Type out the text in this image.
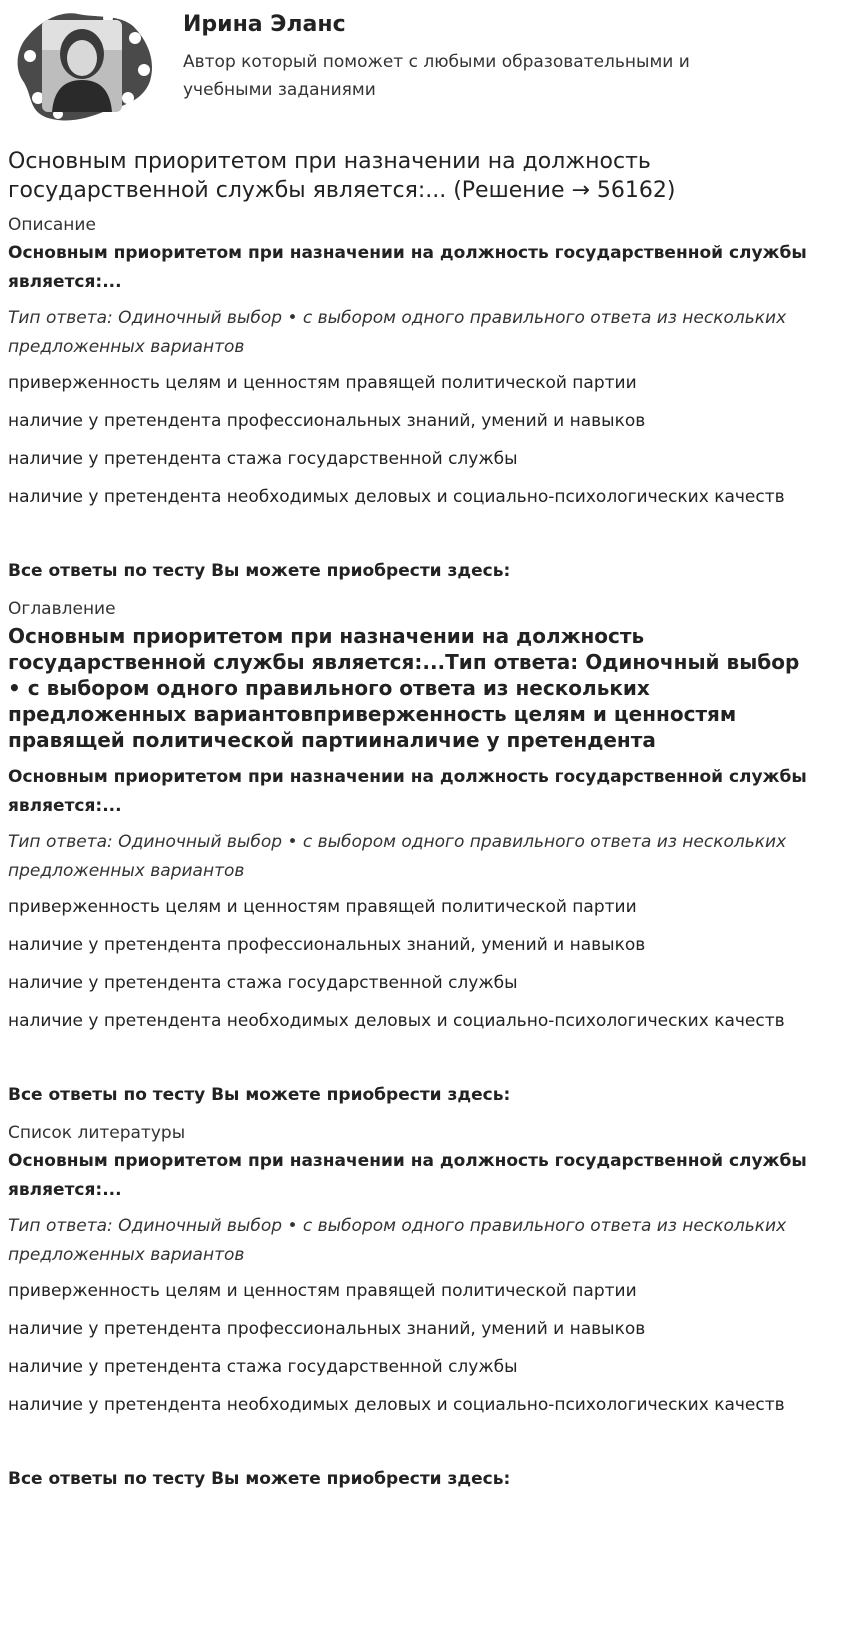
Ирина Эланс
Автор который поможет с любыми образовательными и учебными заданиями
Основным приоритетом при назначении на должность государственной службы является:... (Решение → 56162)
Описание
Основным приоритетом при назначении на должность государственной службы является:...
Тип ответа: Одиночный выбор • с выбором одного правильного ответа из нескольких предложенных вариантов
приверженность целям и ценностям правящей политической партии
наличие у претендента профессиональных знаний, умений и навыков
наличие у претендента стажа государственной службы
наличие у претендента необходимых деловых и социально-психологических качеств
Все ответы по тесту Вы можете приобрести здесь:
Оглавление
Основным приоритетом при назначении на должность государственной службы является:...Тип ответа: Одиночный выбор • с выбором одного правильного ответа из нескольких предложенных вариантовприверженность целям и ценностям правящей политической партииналичие у претендента
Основным приоритетом при назначении на должность государственной службы является:...
Тип ответа: Одиночный выбор • с выбором одного правильного ответа из нескольких предложенных вариантов
приверженность целям и ценностям правящей политической партии
наличие у претендента профессиональных знаний, умений и навыков
наличие у претендента стажа государственной службы
наличие у претендента необходимых деловых и социально-психологических качеств
Все ответы по тесту Вы можете приобрести здесь:
Список литературы
Основным приоритетом при назначении на должность государственной службы является:...
Тип ответа: Одиночный выбор • с выбором одного правильного ответа из нескольких предложенных вариантов
приверженность целям и ценностям правящей политической партии
наличие у претендента профессиональных знаний, умений и навыков
наличие у претендента стажа государственной службы
наличие у претендента необходимых деловых и социально-психологических качеств
Все ответы по тесту Вы можете приобрести здесь:
